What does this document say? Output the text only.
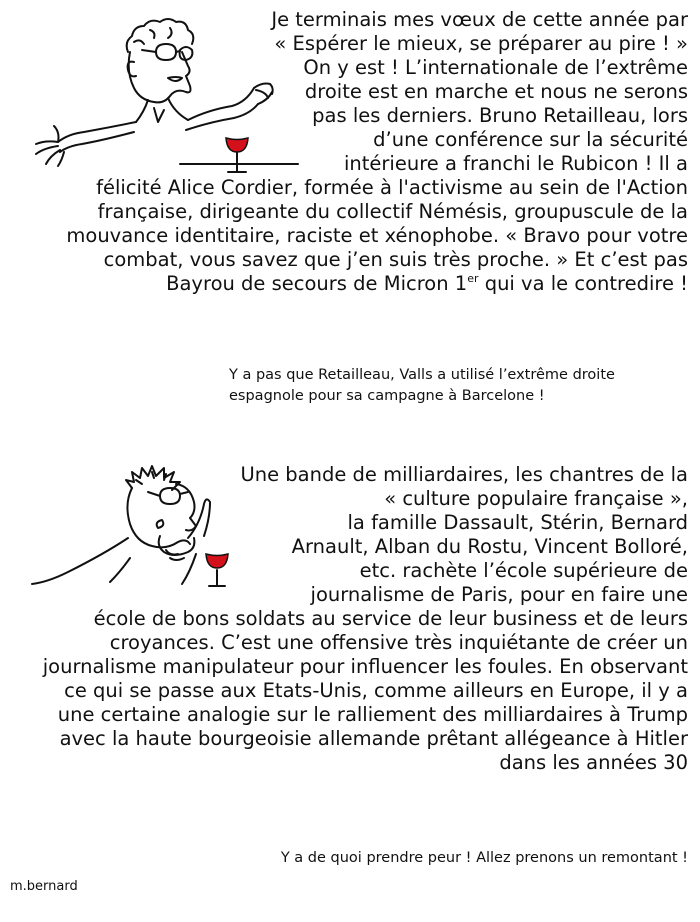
Je terminais mes vœux de cette année par
« Espérer le mieux, se préparer au pire ! »
On y est ! L’internationale de l’extrême
droite est en marche et nous ne serons
pas les derniers. Bruno Retailleau, lors
d’une conférence sur la sécurité
intérieure a franchi le Rubicon ! Il a
félicité Alice Cordier, formée à l'activisme au sein de l'Action
française, dirigeante du collectif Némésis, groupuscule de la
mouvance identitaire, raciste et xénophobe. « Bravo pour votre
combat, vous savez que j’en suis très proche. » Et c’est pas
Bayrou de secours de Micron 1er qui va le contredire !
Y a pas que Retailleau, Valls a utilisé l’extrême droite
espagnole pour sa campagne à Barcelone !
Une bande de milliardaires, les chantres de la
« culture populaire française »,
la famille Dassault, Stérin, Bernard
Arnault, Alban du Rostu, Vincent Bolloré,
etc. rachète l’école supérieure de
journalisme de Paris, pour en faire une
école de bons soldats au service de leur business et de leurs
croyances. C’est une offensive très inquiétante de créer un
journalisme manipulateur pour influencer les foules. En observant
ce qui se passe aux Etats-Unis, comme ailleurs en Europe, il y a
une certaine analogie sur le ralliement des milliardaires à Trump
avec la haute bourgeoisie allemande prêtant allégeance à Hitler
dans les années 30
Y a de quoi prendre peur ! Allez prenons un remontant !
m.bernard
